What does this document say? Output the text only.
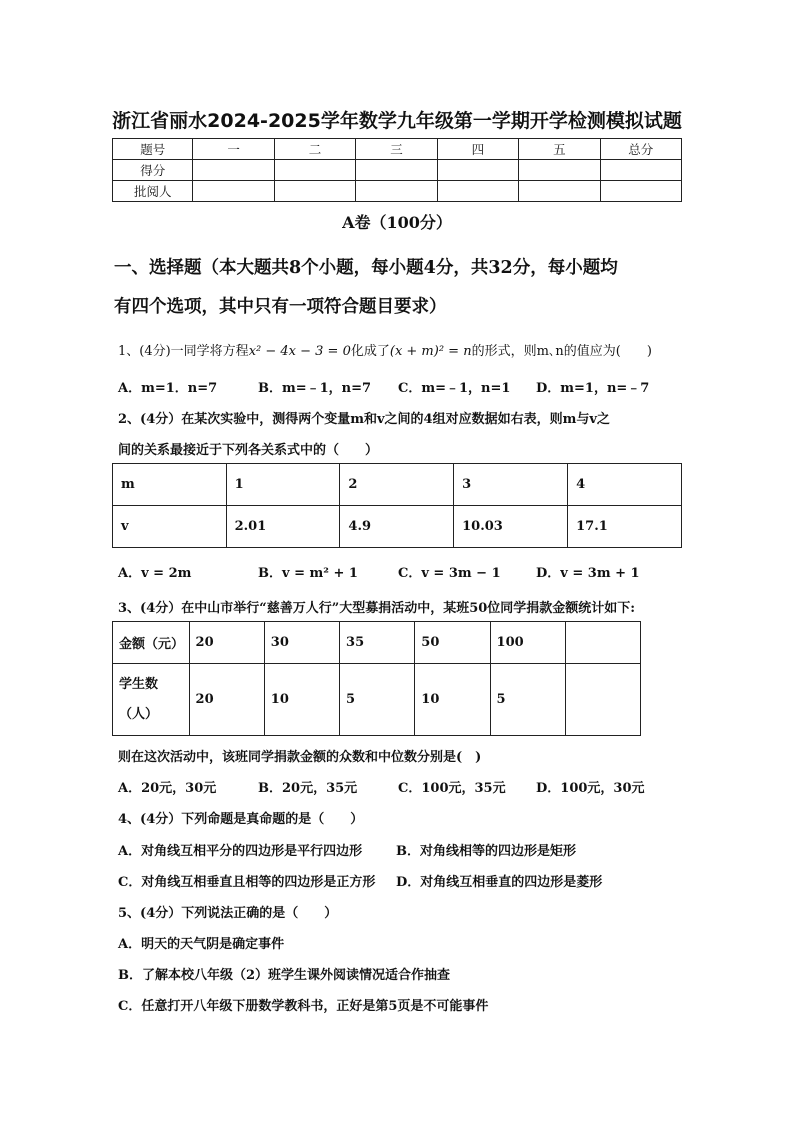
浙江省丽水2024-2025学年数学九年级第一学期开学检测模拟试题
题号	一	二	三	四	五	总分
得分						
批阅人						
A卷（100分）
一、选择题（本大题共8个小题，每小题4分，共32分，每小题均
有四个选项，其中只有一项符合题目要求）
1、(4分)一同学将方程x² − 4x − 3 = 0化成了(x + m)² = n的形式，则m､n的值应为(　　)
A．m=1．n=7	B．m=﹣1，n=7 C．m=﹣1，n=1 D．m=1，n=﹣7
2、(4分）在某次实验中，测得两个变量m和v之间的4组对应数据如右表，则m与v之
间的关系最接近于下列各关系式中的（　　）
m	1	2	3	4
v	2.01	4.9	10.03	17.1
A．v = 2m	B．v = m² + 1	C．v = 3m − 1	D．v = 3m + 1
3、(4分）在中山市举行“慈善万人行”大型募捐活动中，某班50位同学捐款金额统计如下:
金额（元）	20	30	35	50	100	

学生数
（人）	20	10	5	10	5	
则在这次活动中，该班同学捐款金额的众数和中位数分别是(　)
A．20元，30元	B．20元，35元	C．100元，35元 D．100元，30元
4、(4分）下列命题是真命题的是（　　）
A．对角线互相平分的四边形是平行四边形	B．对角线相等的四边形是矩形
C．对角线互相垂直且相等的四边形是正方形 D．对角线互相垂直的四边形是菱形
5、(4分）下列说法正确的是（　　）
A．明天的天气阴是确定事件
B．了解本校八年级（2）班学生课外阅读情况适合作抽查
C．任意打开八年级下册数学教科书，正好是第5页是不可能事件
